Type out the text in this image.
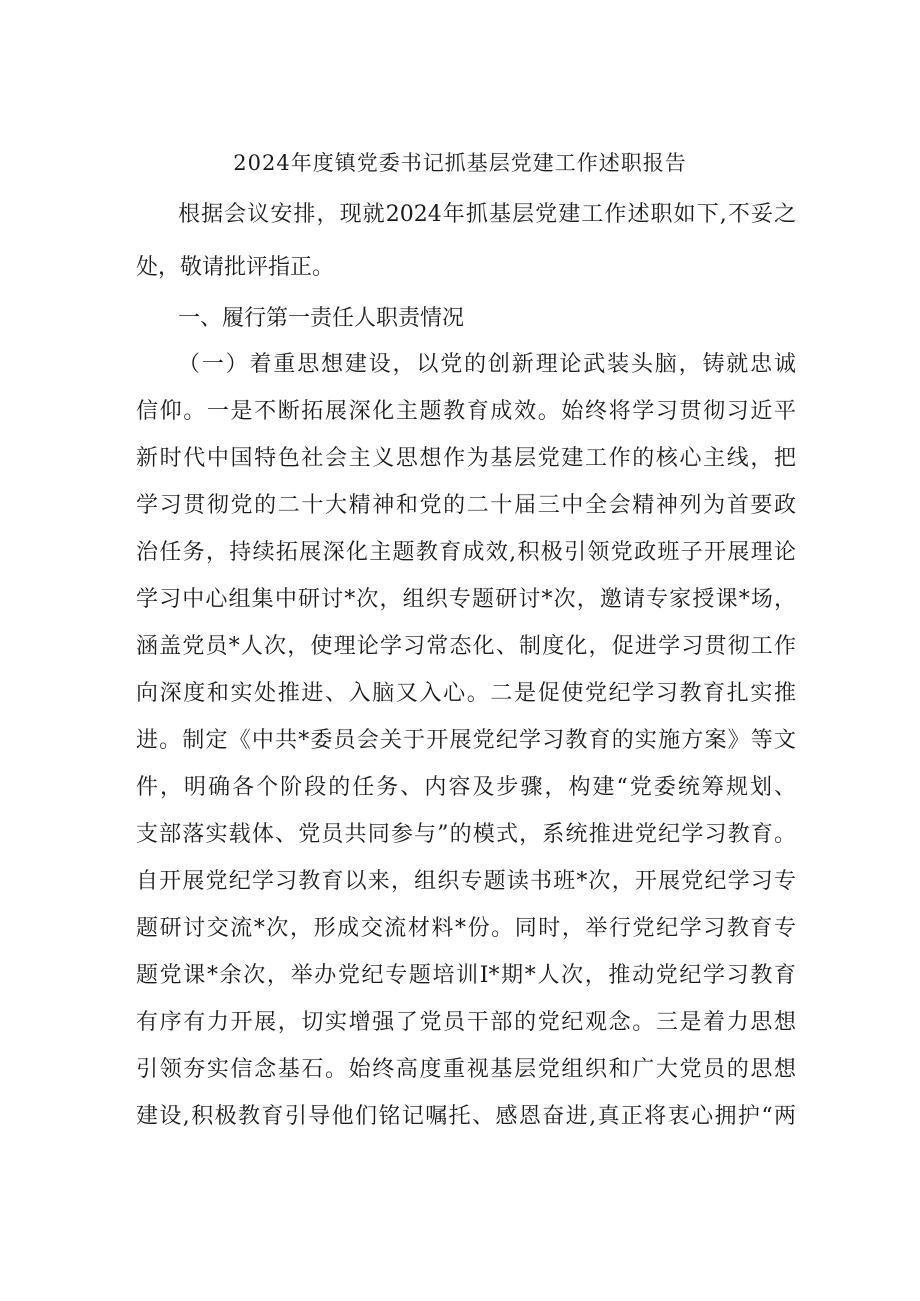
2024年度镇党委书记抓基层党建工作述职报告
根据会议安排，现就2024年抓基层党建工作述职如下,不妥之
处，敬请批评指正。
一、履行第一责任人职责情况
（一）着重思想建设，以党的创新理论武装头脑，铸就忠诚
信仰。一是不断拓展深化主题教育成效。始终将学习贯彻习近平
新时代中国特色社会主义思想作为基层党建工作的核心主线，把
学习贯彻党的二十大精神和党的二十届三中全会精神列为首要政
治任务，持续拓展深化主题教育成效,积极引领党政班子开展理论
学习中心组集中研讨*次，组织专题研讨*次，邀请专家授课*场，
涵盖党员*人次，使理论学习常态化、制度化，促进学习贯彻工作
向深度和实处推进、入脑又入心。二是促使党纪学习教育扎实推
进。制定《中共*委员会关于开展党纪学习教育的实施方案》等文
件，明确各个阶段的任务、内容及步骤，构建“党委统筹规划、
支部落实载体、党员共同参与”的模式，系统推进党纪学习教育。
自开展党纪学习教育以来，组织专题读书班*次，开展党纪学习专
题研讨交流*次，形成交流材料*份。同时，举行党纪学习教育专
题党课*余次，举办党纪专题培训I*期*人次，推动党纪学习教育
有序有力开展，切实增强了党员干部的党纪观念。三是着力思想
引领夯实信念基石。始终高度重视基层党组织和广大党员的思想
建设,积极教育引导他们铭记嘱托、感恩奋进,真正将衷心拥护“两
